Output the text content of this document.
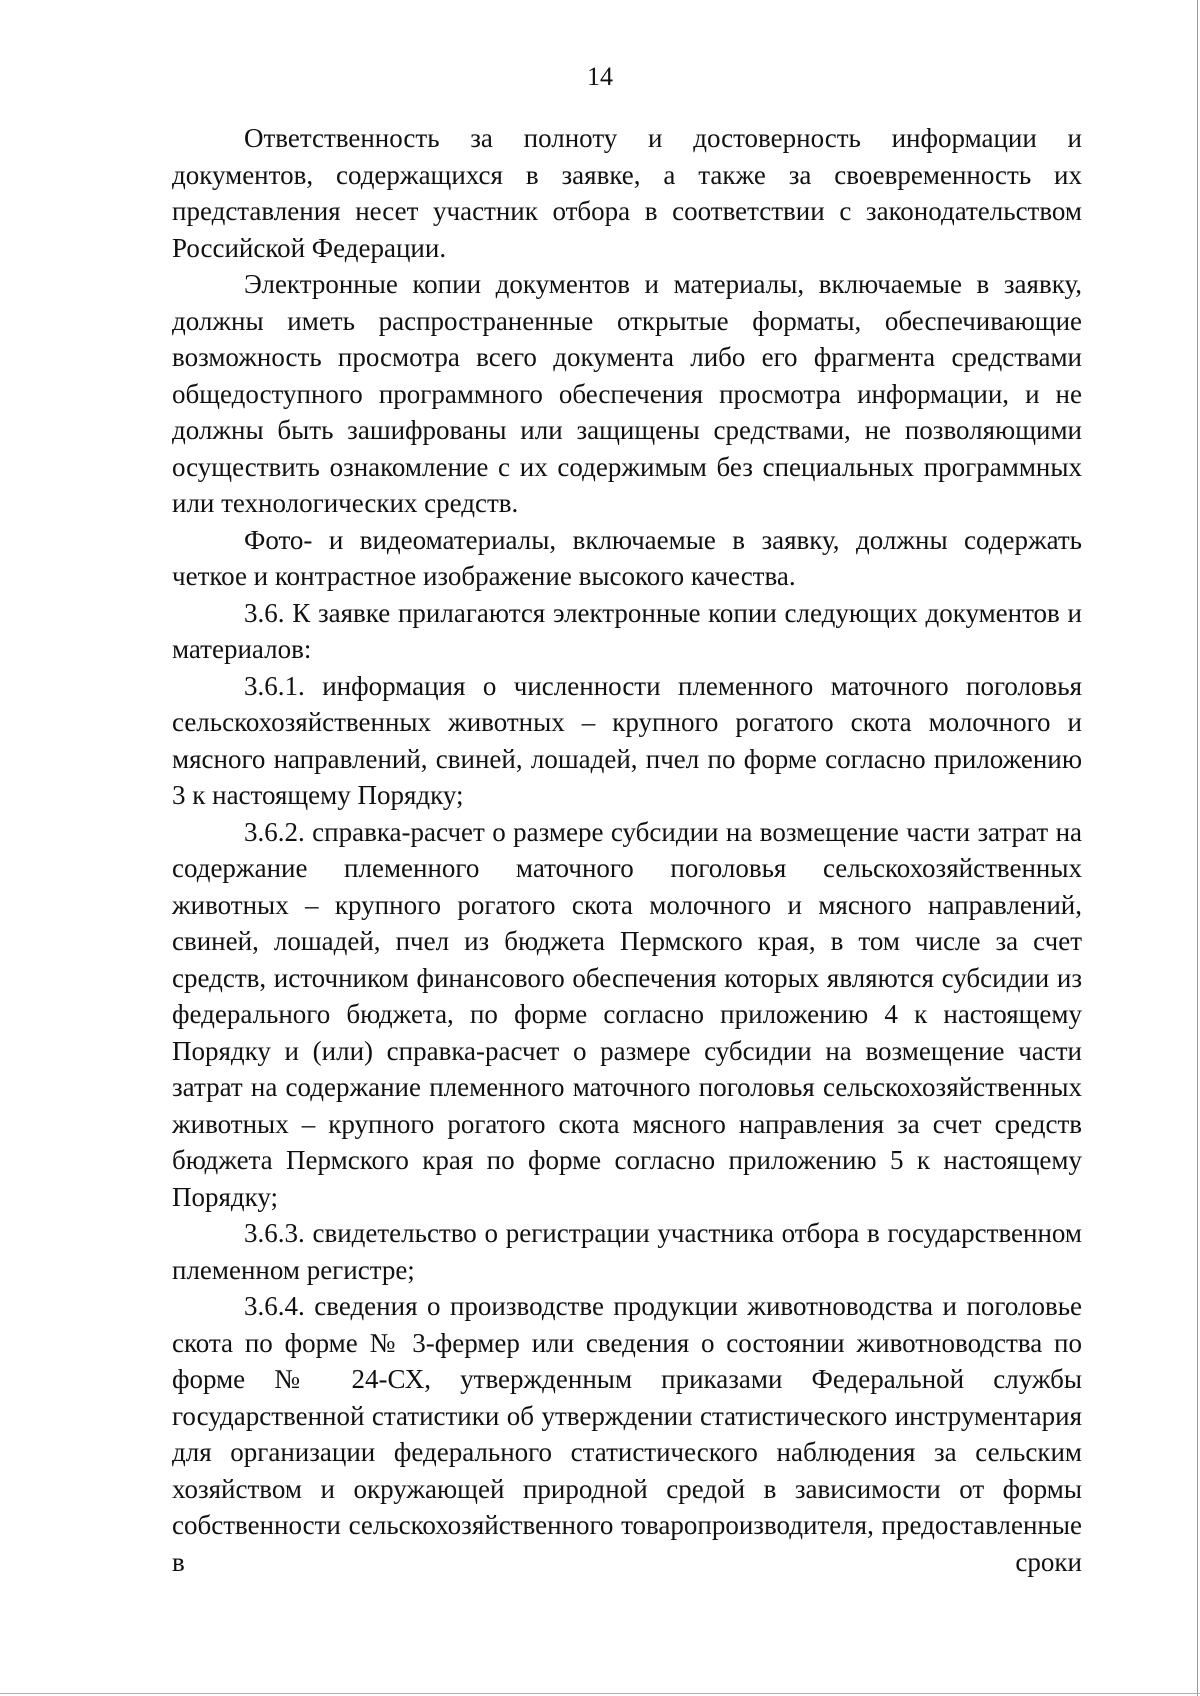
14

Ответственность за полноту и достоверность информации и документов, содержащихся в заявке, а также за своевременность их представления несет участник отбора в соответствии с законодательством Российской Федерации.

Электронные копии документов и материалы, включаемые в заявку, должны иметь распространенные открытые форматы, обеспечивающие возможность просмотра всего документа либо его фрагмента средствами общедоступного программного обеспечения просмотра информации, и не должны быть зашифрованы или защищены средствами, не позволяющими осуществить ознакомление с их содержимым без специальных программных или технологических средств.

Фото- и видеоматериалы, включаемые в заявку, должны содержать четкое и контрастное изображение высокого качества.

3.6. К заявке прилагаются электронные копии следующих документов и материалов:

3.6.1. информация о численности племенного маточного поголовья сельскохозяйственных животных – крупного рогатого скота молочного и мясного направлений, свиней, лошадей, пчел по форме согласно приложению 3 к настоящему Порядку;

3.6.2. справка-расчет о размере субсидии на возмещение части затрат на содержание племенного маточного поголовья сельскохозяйственных животных – крупного рогатого скота молочного и мясного направлений, свиней, лошадей, пчел из бюджета Пермского края, в том числе за счет средств, источником финансового обеспечения которых являются субсидии из федерального бюджета, по форме согласно приложению 4 к настоящему Порядку и (или) справка-расчет о размере субсидии на возмещение части затрат на содержание племенного маточного поголовья сельскохозяйственных животных – крупного рогатого скота мясного направления за счет средств бюджета Пермского края по форме согласно приложению 5 к настоящему Порядку;

3.6.3. свидетельство о регистрации участника отбора в государственном племенном регистре;

3.6.4. сведения о производстве продукции животноводства и поголовье скота по форме № 3-фермер или сведения о состоянии животноводства по форме № 24-СХ, утвержденным приказами Федеральной службы государственной статистики об утверждении статистического инструментария для организации федерального статистического наблюдения за сельским хозяйством и окружающей природной средой в зависимости от формы собственности сельскохозяйственного товаропроизводителя, предоставленные в сроки
